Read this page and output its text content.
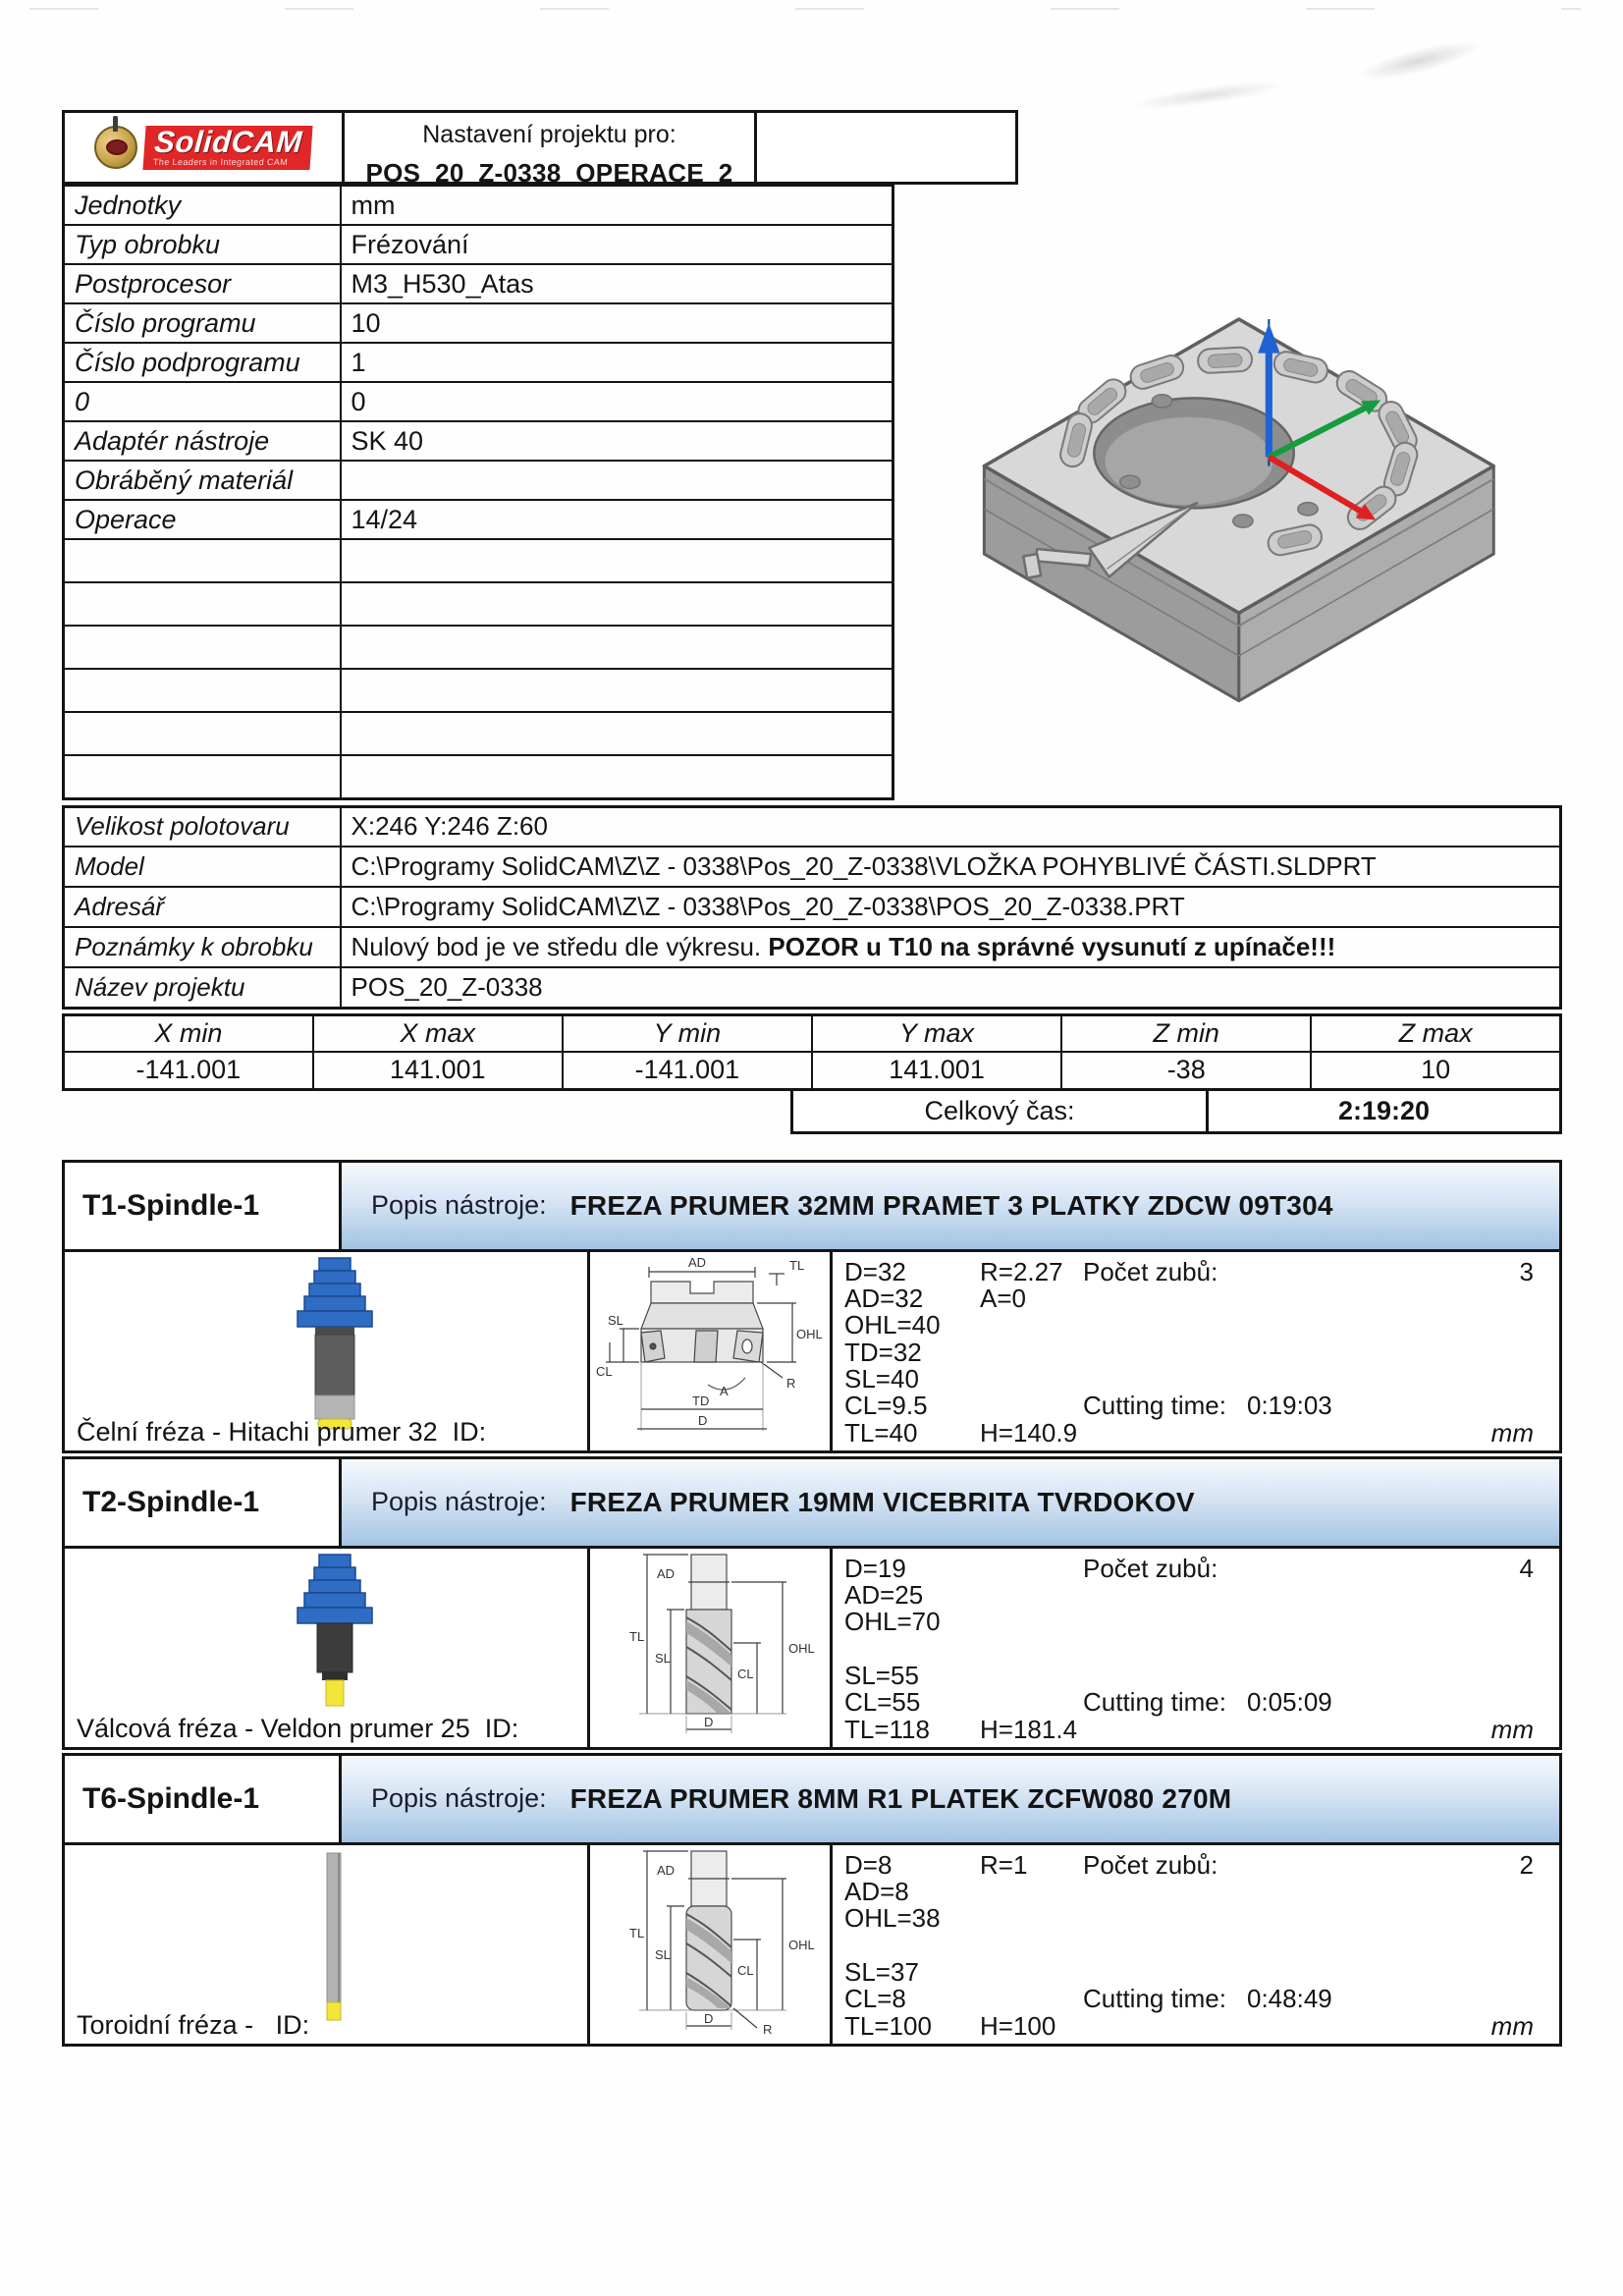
SolidCAM
The Leaders in Integrated CAM
Nastavení projektu pro:
POS_20_Z-0338_OPERACE_2
Jednotky	mm
Typ obrobku	Frézování
Postprocesor	M3_H530_Atas
Číslo programu	10
Číslo podprogramu	1
0	0
Adaptér nástroje	SK 40
Obráběný materiál	
Operace	14/24

Velikost polotovaru	X:246 Y:246 Z:60
Model	C:\Programy SolidCAM\Z\Z - 0338\Pos_20_Z-0338\VLOŽKA POHYBLIVÉ ČÁSTI.SLDPRT
Adresář	C:\Programy SolidCAM\Z\Z - 0338\Pos_20_Z-0338\POS_20_Z-0338.PRT
Poznámky k obrobku	Nulový bod je ve středu dle výkresu. POZOR u T10 na správné vysunutí z upínače!!!
Název projektu	POS_20_Z-0338
X min	X max	Y min	Y max	Z min	Z max
-141.001	141.001	-141.001	141.001	-38	10
Celkový čas:	2:19:20
T1-Spindle-1	Popis nástroje: FREZA PRUMER 32MM PRAMET 3 PLATKY ZDCW 09T304
Čelní fréza - Hitachi prumer 32  ID:
AD	TL
OHL
SL
CL
A
R
TD
D
D=32	R=2.27 Počet zubů:	3
AD=32 A=0
OHL=40
TD=32
SL=40
CL=9.5	Cutting time: 0:19:03
TL=40 H=140.9	mm
T2-Spindle-1	Popis nástroje: FREZA PRUMER 19MM VICEBRITA TVRDOKOV
Válcová fréza - Veldon prumer 25  ID:
AD
TL
SL
OHL
CL
D
D=19	Počet zubů:	4
AD=25
OHL=70
SL=55
CL=55	Cutting time: 0:05:09
TL=118 H=181.4	mm
T6-Spindle-1	Popis nástroje: FREZA PRUMER 8MM R1 PLATEK ZCFW080 270M
Toroidní fréza -   ID:
AD
TL
SL
OHL
CL
D
R
D=8	R=1 Počet zubů:	2
AD=8
OHL=38
SL=37
CL=8	Cutting time: 0:48:49
TL=100 H=100	mm
